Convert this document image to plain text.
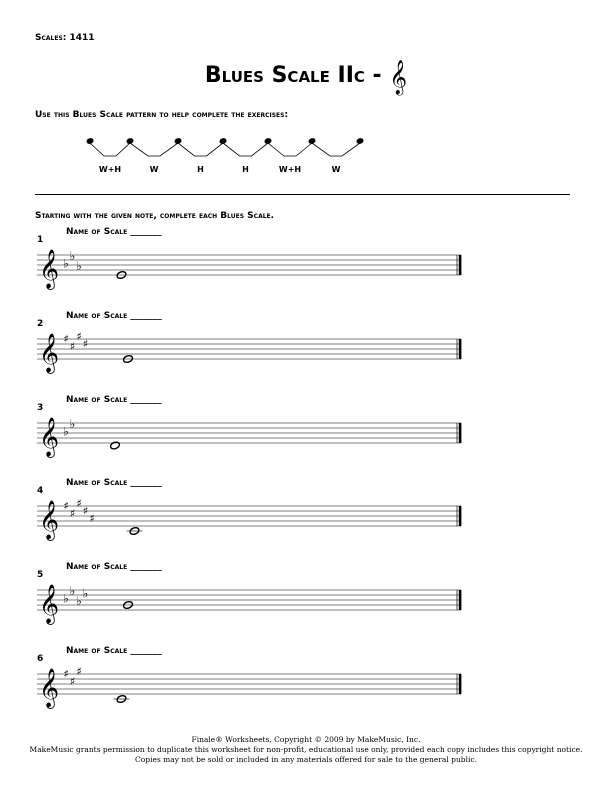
Scales: 1411
Blues Scale IIc - 𝄞
Use this Blues Scale pattern to help complete the exercises:
W+H	W	H	H	W+H	W
Starting with the given note, complete each Blues Scale.
1
Name of Scale _______
𝄞 ♭
♭
♭
2
Name of Scale _______
𝄞 ♯
♯
♯
♯
3
Name of Scale _______
𝄞 ♭
♭
4
Name of Scale _______
𝄞 ♯
♯
♯
♯
♯
5
Name of Scale _______
𝄞 ♭
♭
♭
♭
6
Name of Scale _______
𝄞 ♯
♯
♯
Finale® Worksheets, Copyright © 2009 by MakeMusic, Inc.
MakeMusic grants permission to duplicate this worksheet for non-profit, educational use only, provided each copy includes this copyright notice.
Copies may not be sold or included in any materials offered for sale to the general public.
